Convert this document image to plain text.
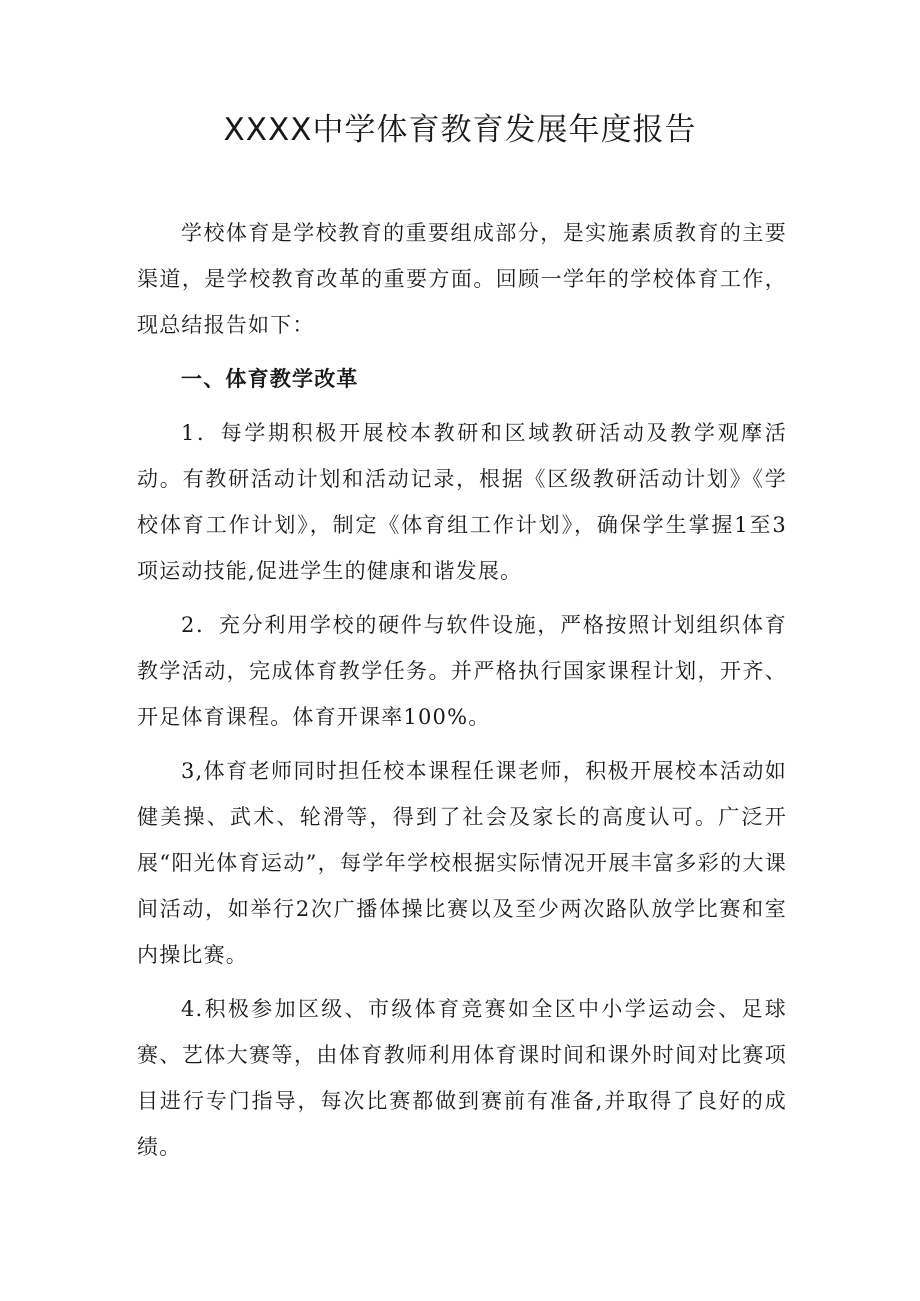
XXXX中学体育教育发展年度报告

学校体育是学校教育的重要组成部分，是实施素质教育的主要渠道，是学校教育改革的重要方面。回顾一学年的学校体育工作，现总结报告如下：

一、体育教学改革

1．每学期积极开展校本教研和区域教研活动及教学观摩活动。有教研活动计划和活动记录，根据《区级教研活动计划》《学校体育工作计划》，制定《体育组工作计划》，确保学生掌握1至3项运动技能,促进学生的健康和谐发展。

2．充分利用学校的硬件与软件设施，严格按照计划组织体育教学活动，完成体育教学任务。并严格执行国家课程计划，开齐、开足体育课程。体育开课率100%。

3,体育老师同时担任校本课程任课老师，积极开展校本活动如健美操、武术、轮滑等，得到了社会及家长的高度认可。广泛开展“阳光体育运动”，每学年学校根据实际情况开展丰富多彩的大课间活动，如举行2次广播体操比赛以及至少两次路队放学比赛和室内操比赛。

4.积极参加区级、市级体育竞赛如全区中小学运动会、足球赛、艺体大赛等，由体育教师利用体育课时间和课外时间对比赛项目进行专门指导，每次比赛都做到赛前有准备,并取得了良好的成绩。
